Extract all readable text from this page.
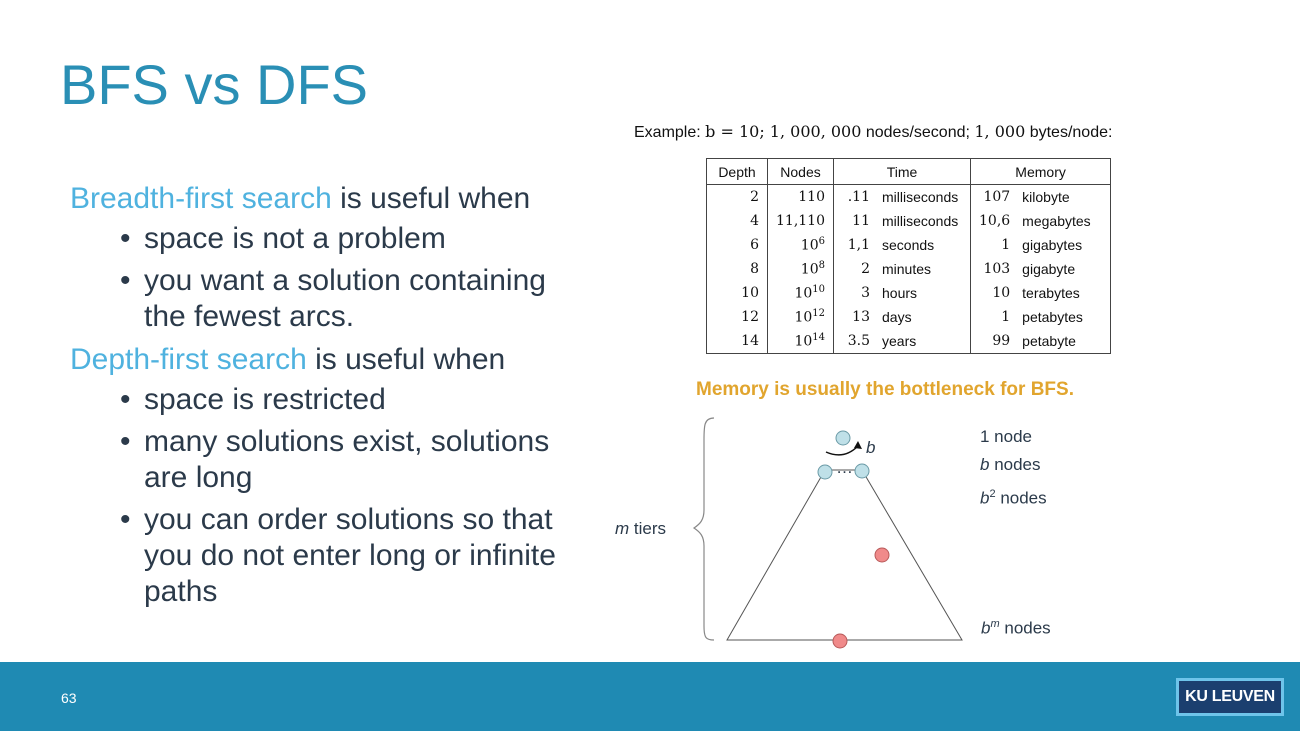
BFS vs DFS

Breadth-first search is useful when

• space is not a problem
• you want a solution containing the fewest arcs.

Depth-first search is useful when

• space is restricted
• many solutions exist, solutions are long
• you can order solutions so that you do not enter long or infinite paths
Example: b = 10; 1, 000, 000 nodes/second; 1, 000 bytes/node:
Depth	Nodes	Time		Memory	
2	110	.11	milliseconds	107	kilobyte
4	11,110	11	milliseconds	10,6	megabytes
6	$10^6$	1,1	seconds	1	gigabytes
8	$10^8$	2	minutes	103	gigabyte
10	$10^{10}$	3	hours	10	terabytes
12	$10^{12}$	13	days	1	petabytes
14	$10^{14}$	3.5	years	99	petabyte
Memory is usually the bottleneck for BFS.
b
…
m tiers
1 node
b nodes
$b^2$ nodes
$b^m$ nodes
63	KU LEUVEN
